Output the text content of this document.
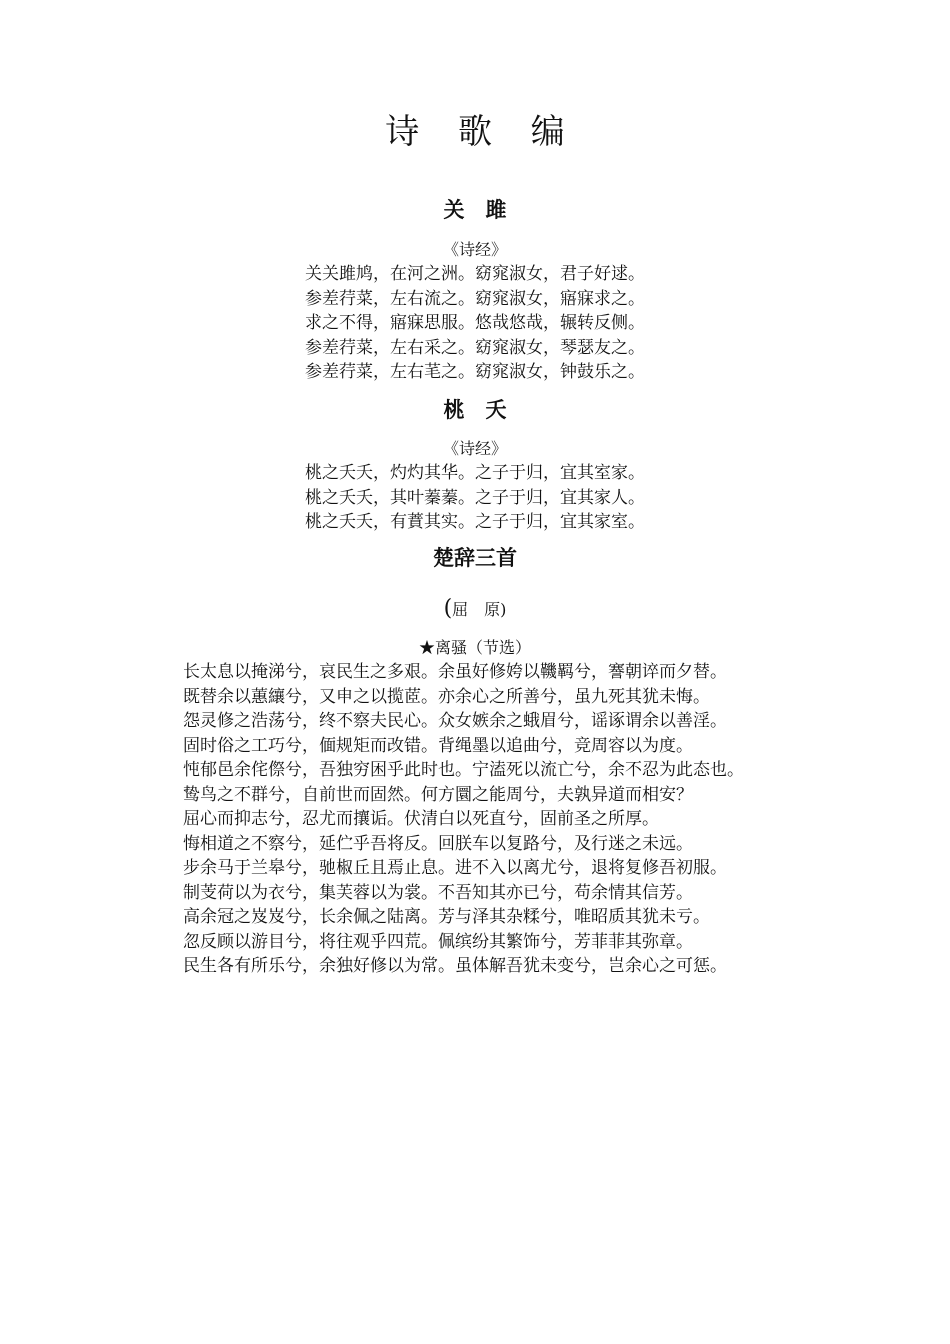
诗 歌 编
关　雎
《诗经》
关关雎鸠，在河之洲。窈窕淑女，君子好逑。
参差荇菜，左右流之。窈窕淑女，寤寐求之。
求之不得，寤寐思服。悠哉悠哉，辗转反侧。
参差荇菜，左右采之。窈窕淑女，琴瑟友之。
参差荇菜，左右芼之。窈窕淑女，钟鼓乐之。
桃　夭
《诗经》
桃之夭夭，灼灼其华。之子于归，宜其室家。
桃之夭夭，其叶蓁蓁。之子于归，宜其家人。
桃之夭夭，有蕡其实。之子于归，宜其家室。
楚辞三首
(屈　原)
★离骚（节选）
长太息以掩涕兮，哀民生之多艰。余虽好修姱以鞿羁兮，謇朝谇而夕替。
既替余以蕙纕兮，又申之以揽茝。亦余心之所善兮，虽九死其犹未悔。
怨灵修之浩荡兮，终不察夫民心。众女嫉余之蛾眉兮，谣诼谓余以善淫。
固时俗之工巧兮，偭规矩而改错。背绳墨以追曲兮，竞周容以为度。
忳郁邑余侘傺兮，吾独穷困乎此时也。宁溘死以流亡兮，余不忍为此态也。
鸷鸟之不群兮，自前世而固然。何方圜之能周兮，夫孰异道而相安？
屈心而抑志兮，忍尤而攘诟。伏清白以死直兮，固前圣之所厚。
悔相道之不察兮，延伫乎吾将反。回朕车以复路兮，及行迷之未远。
步余马于兰皋兮，驰椒丘且焉止息。进不入以离尤兮，退将复修吾初服。
制芰荷以为衣兮，集芙蓉以为裳。不吾知其亦已兮，苟余情其信芳。
高余冠之岌岌兮，长余佩之陆离。芳与泽其杂糅兮，唯昭质其犹未亏。
忽反顾以游目兮，将往观乎四荒。佩缤纷其繁饰兮，芳菲菲其弥章。
民生各有所乐兮，余独好修以为常。虽体解吾犹未变兮，岂余心之可惩。
